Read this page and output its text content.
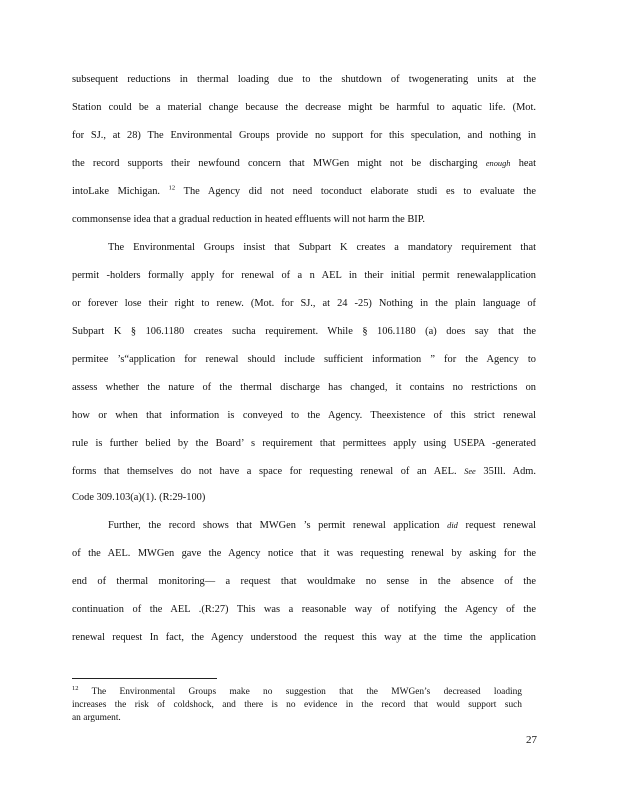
subsequent reductions in thermal loading due to the shutdown of twogenerating units at the
Station could be a material change because the decrease might be harmful to aquatic life. (Mot.
for SJ., at 28) The Environmental Groups provide no support for this speculation, and nothing in
the record supports their newfound concern that MWGen might not be discharging enough heat
intoLake Michigan. $^{12}$ The Agency did not need toconduct elaborate studi es to evaluate the
commonsense idea that a gradual reduction in heated effluents will not harm the BIP.
The Environmental Groups insist that Subpart K creates a mandatory requirement that
permit -holders formally apply for renewal of a n AEL in their initial permit renewalapplication
or forever lose their right to renew. (Mot. for SJ., at 24 -25) Nothing in the plain language of
Subpart K § 106.1180 creates sucha requirement. While § 106.1180 (a) does say that the
permitee ’s“application for renewal should include sufficient information ” for the Agency to
assess whether the nature of the thermal discharge has changed, it contains no restrictions on
how or when that information is conveyed to the Agency. Theexistence of this strict renewal
rule is further belied by the Board’ s requirement that permittees apply using USEPA -generated
forms that themselves do not have a space for requesting renewal of an AEL. See 35Ill. Adm.
Code 309.103(a)(1). (R:29-100)
Further, the record shows that MWGen ’s permit renewal application did request renewal
of the AEL. MWGen gave the Agency notice that it was requesting renewal by asking for the
end of thermal monitoring— a request that wouldmake no sense in the absence of the
continuation of the AEL .(R:27) This was a reasonable way of notifying the Agency of the
renewal request In fact, the Agency understood the request this way at the time the application
$^{12}$ The Environmental Groups make no suggestion that the MWGen’s decreased loading
increases the risk of coldshock, and there is no evidence in the record that would support such
an argument.
27
